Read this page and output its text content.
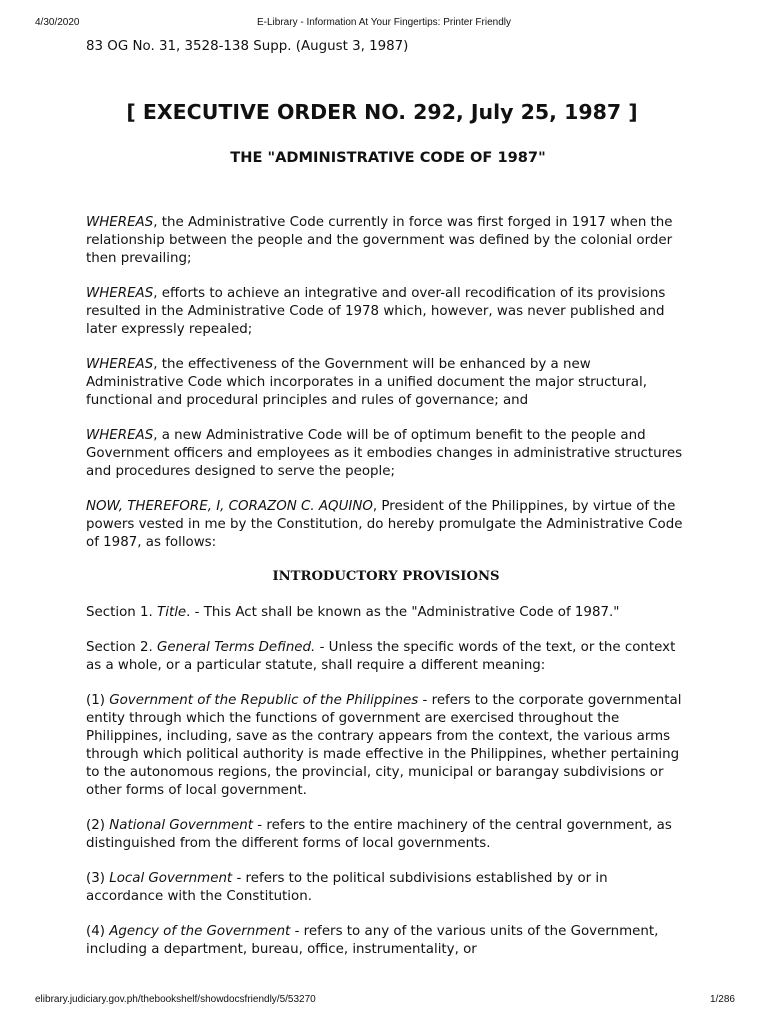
4/30/2020	E-Library - Information At Your Fingertips: Printer Friendly

83 OG No. 31, 3528-138 Supp. (August 3, 1987)

[ EXECUTIVE ORDER NO. 292, July 25, 1987 ]
THE "ADMINISTRATIVE CODE OF 1987"

WHEREAS, the Administrative Code currently in force was first forged in 1917 when the relationship between the people and the government was defined by the colonial order then prevailing;

WHEREAS, efforts to achieve an integrative and over-all recodification of its provisions resulted in the Administrative Code of 1978 which, however, was never published and later expressly repealed;

WHEREAS, the effectiveness of the Government will be enhanced by a new Administrative Code which incorporates in a unified document the major structural, functional and procedural principles and rules of governance; and

WHEREAS, a new Administrative Code will be of optimum benefit to the people and Government officers and employees as it embodies changes in administrative structures and procedures designed to serve the people;

NOW, THEREFORE, I, CORAZON C. AQUINO, President of the Philippines, by virtue of the powers vested in me by the Constitution, do hereby promulgate the Administrative Code of 1987, as follows:

INTRODUCTORY PROVISIONS

Section 1. Title. - This Act shall be known as the "Administrative Code of 1987."

Section 2. General Terms Defined. - Unless the specific words of the text, or the context as a whole, or a particular statute, shall require a different meaning:

(1) Government of the Republic of the Philippines - refers to the corporate governmental entity through which the functions of government are exercised throughout the Philippines, including, save as the contrary appears from the context, the various arms through which political authority is made effective in the Philippines, whether pertaining to the autonomous regions, the provincial, city, municipal or barangay subdivisions or other forms of local government.

(2) National Government - refers to the entire machinery of the central government, as distinguished from the different forms of local governments.

(3) Local Government - refers to the political subdivisions established by or in accordance with the Constitution.

(4) Agency of the Government - refers to any of the various units of the Government, including a department, bureau, office, instrumentality, or

elibrary.judiciary.gov.ph/thebookshelf/showdocsfriendly/5/53270	1/286
